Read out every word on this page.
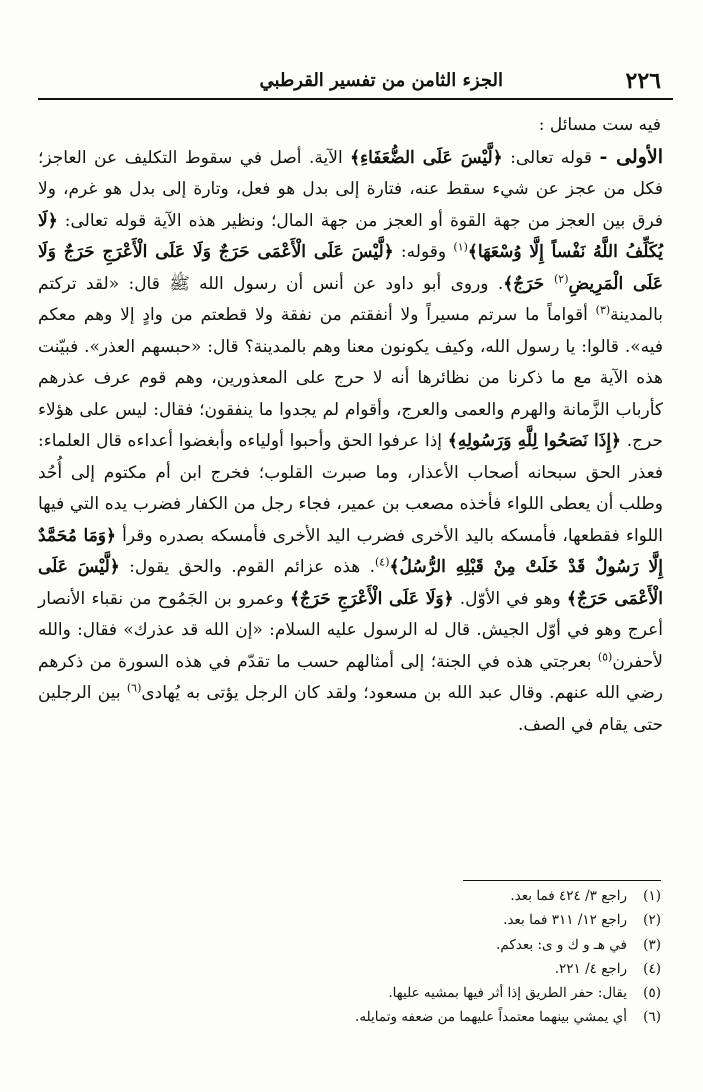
٢٢٦
الجزء الثامن من تفسير القرطبي

فيه ست مسائل :

الأولى - قوله تعالى: ﴿لَّيْسَ عَلَى الضُّعَفَاءِ﴾ الآية. أصل في سقوط التكليف عن العاجز؛ فكل من عجز عن شيء سقط عنه، فتارة إلى بدل هو فعل، وتارة إلى بدل هو غرم، ولا فرق بين العجز من جهة القوة أو العجز من جهة المال؛ ونظير هذه الآية قوله تعالى: ﴿لَا يُكَلِّفُ اللَّهُ نَفْساً إِلَّا وُسْعَهَا﴾$^{(١)}$ وقوله: ﴿لَّيْسَ عَلَى الْأَعْمَى حَرَجٌ وَلَا عَلَى الْأَعْرَجِ حَرَجٌ وَلَا عَلَى الْمَرِيضِ$^{(٢)}$ حَرَجٌ﴾. وروى أبو داود عن أنس أن رسول الله ﷺ قال: «لقد تركتم بالمدينة$^{(٣)}$ أقواماً ما سرتم مسيراً ولا أنفقتم من نفقة ولا قطعتم من وادٍ إلا وهم معكم فيه». قالوا: يا رسول الله، وكيف يكونون معنا وهم بالمدينة؟ قال: «حبسهم العذر». فبيّنت هذه الآية مع ما ذكرنا من نظائرها أنه لا حرج على المعذورين، وهم قوم عرف عذرهم كأرباب الزَّمانة والهرم والعمى والعرج، وأقوام لم يجدوا ما ينفقون؛ فقال: ليس على هؤلاء حرج. ﴿إِذَا نَصَحُوا لِلَّهِ وَرَسُولِهِ﴾ إذا عرفوا الحق وأحبوا أولياءه وأبغضوا أعداءه قال العلماء: فعذر الحق سبحانه أصحاب الأعذار، وما صبرت القلوب؛ فخرج ابن أم مكتوم إلى أُحُد وطلب أن يعطى اللواء فأخذه مصعب بن عمير، فجاء رجل من الكفار فضرب يده التي فيها اللواء فقطعها، فأمسكه باليد الأخرى فضرب اليد الأخرى فأمسكه بصدره وقرأ ﴿وَمَا مُحَمَّدٌ إِلَّا رَسُولٌ قَدْ خَلَتْ مِنْ قَبْلِهِ الرُّسُلُ﴾$^{(٤)}$. هذه عزائم القوم. والحق يقول: ﴿لَّيْسَ عَلَى الْأَعْمَى حَرَجٌ﴾ وهو في الأوّل. ﴿وَلَا عَلَى الْأَعْرَجِ حَرَجٌ﴾ وعمرو بن الجَمُوح من نقباء الأنصار أعرج وهو في أوّل الجيش. قال له الرسول عليه السلام: «إن الله قد عذرك» فقال: والله لأحفرن$^{(٥)}$ بعرجتي هذه في الجنة؛ إلى أمثالهم حسب ما تقدّم في هذه السورة من ذكرهم رضي الله عنهم. وقال عبد الله بن مسعود؛ ولقد كان الرجل يؤتى به يُهادى$^{(٦)}$ بين الرجلين حتى يقام في الصف.

(١)راجع ٣/ ٤٢٤ فما بعد.
(٢)راجع ١٢/ ٣١١ فما بعد.
(٣)في هـ و ك و ى: بعدكم.
(٤)راجع ٤/ ٢٢١.
(٥)يقال: حفر الطريق إذا أثر فيها بمشيه عليها.
(٦)أي يمشي بينهما معتمداً عليهما من ضعفه وتمايله.
